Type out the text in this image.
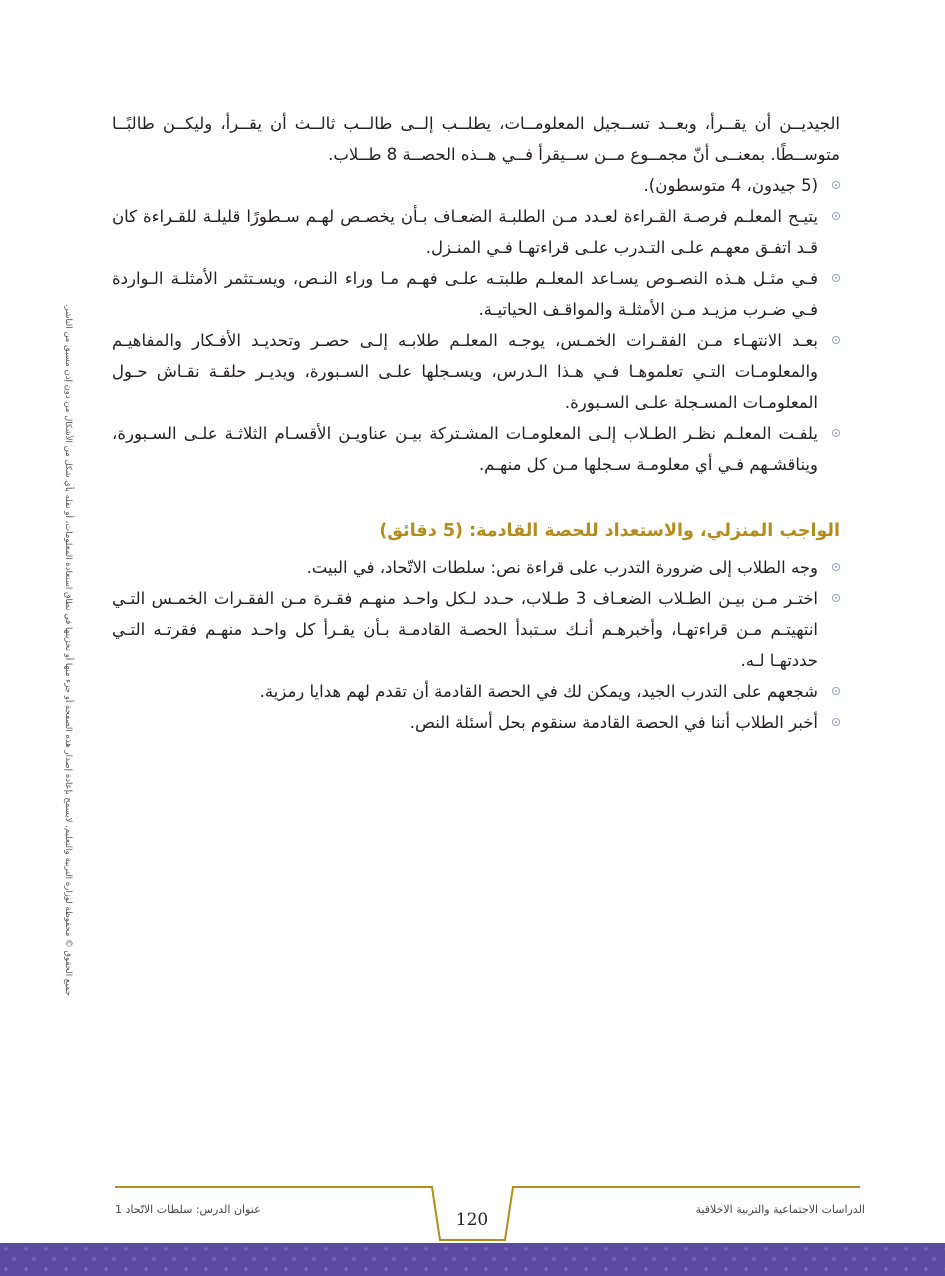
الجيديــن أن يقــرأ، وبعــد تســجيل المعلومــات، يطلــب إلــى طالــب ثالــث أن يقــرأ، وليكــن طالبًــا متوســطًا. بمعنــى أنّ مجمــوع مــن ســيقرأ فــي هــذه الحصــة 8 طــلاب.

(5 جيدون، 4 متوسطون).
يتيـح المعلـم فرصـة القـراءة لعـدد مـن الطلبـة الضعـاف بـأن يخصـص لهـم سـطورًا قليلـة للقـراءة كان قـد اتفـق معهـم علـى التـدرب علـى قراءتهـا فـي المنـزل.
فـي مثـل هـذه النصـوص يسـاعد المعلـم طلبتـه علـى فهـم مـا وراء النـص، ويسـتثمر الأمثلـة الـواردة فـي ضـرب مزيـد مـن الأمثلـة والمواقـف الحياتيـة.
بعـد الانتهـاء مـن الفقـرات الخمـس، يوجـه المعلـم طلابـه إلـى حصـر وتحديـد الأفـكار والمفاهيـم والمعلومـات التـي تعلموهـا فـي هـذا الـدرس، ويسـجلها علـى السـبورة، ويديـر حلقـة نقـاش حـول المعلومـات المسـجلة علـى السـبورة.
يلفـت المعلـم نظـر الطـلاب إلـى المعلومـات المشـتركة بيـن عناويـن الأقسـام الثلاثـة علـى السـبورة، ويناقشـهم فـي أي معلومـة سـجلها مـن كل منهـم.
الواجب المنزلي، والاستعداد للحصة القادمة: (5 دقائق)
وجه الطلاب إلى ضرورة التدرب على قراءة نص: سلطات الاتّحاد، في البيت.
اختـر مـن بيـن الطـلاب الضعـاف 3 طـلاب، حـدد لـكل واحـد منهـم فقـرة مـن الفقـرات الخمـس التـي انتهيتـم مـن قراءتهـا، وأخبرهـم أنـك سـتبدأ الحصـة القادمـة بـأن يقـرأ كل واحـد منهـم فقرتـه التـي حددتهـا لـه.
شجعهم على التدرب الجيد، ويمكن لك في الحصة القادمة أن تقدم لهم هدايا رمزية.
أخبر الطلاب أننا في الحصة القادمة سنقوم بحل أسئلة النص.
جميع الحقوق © محفوظة لوزارة التربية والتعليم. لايسمح بإعادة إصدار هذه الصفحة أو جزء منها أو تخزينها في نطاق استعادة المعلومات، أو نقله بأي شكل من الأشكال من دون إذن مسبق من الناشر.
120
الدراسات الاجتماعية والتربية الاخلاقية
عنوان الدرس: سلطات الاتّحاد 1
